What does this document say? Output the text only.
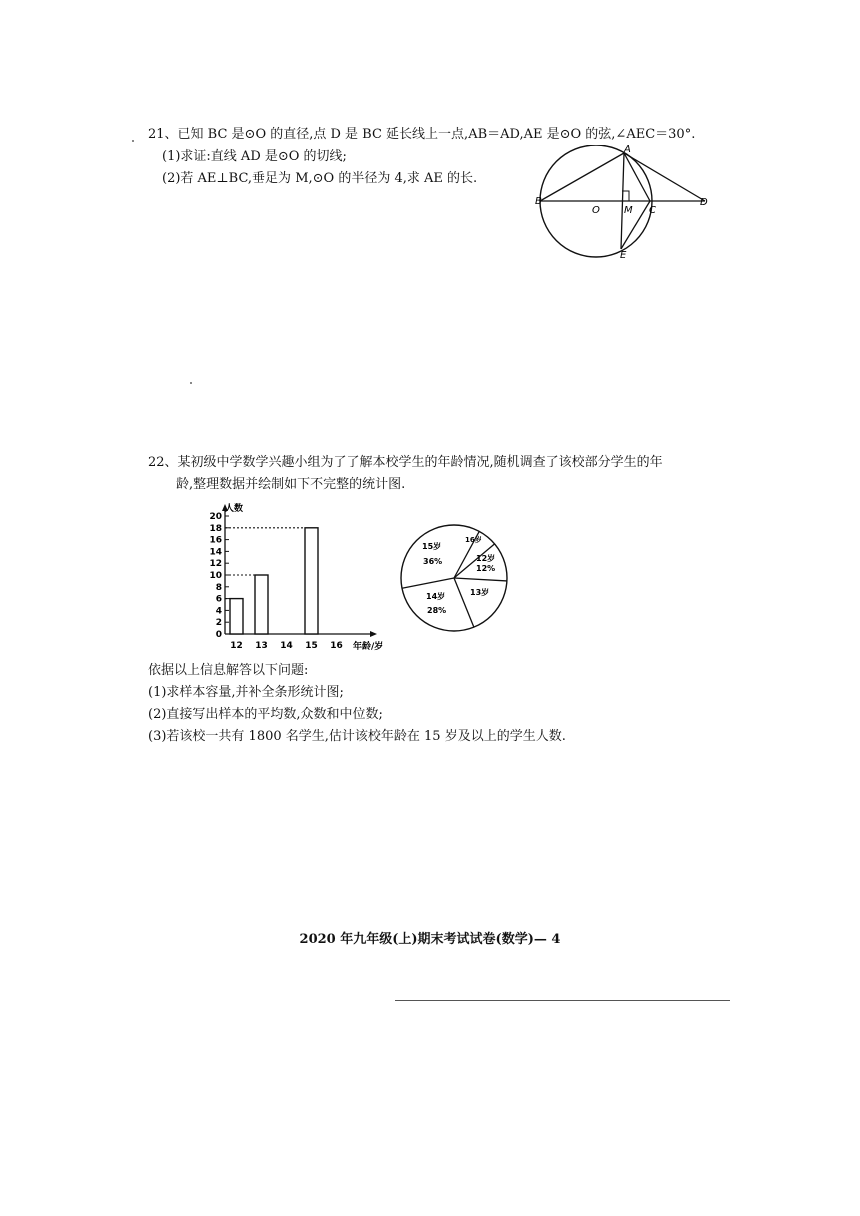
21、已知 BC 是⊙O 的直径,点 D 是 BC 延长线上一点,AB＝AD,AE 是⊙O 的弦,∠AEC＝30°.

(1)求证:直线 AD 是⊙O 的切线;

(2)若 AE⊥BC,垂足为 M,⊙O 的半径为 4,求 AE 的长.

A
B
O M C
D
E

22、某初级中学数学兴趣小组为了了解本校学生的年龄情况,随机调查了该校部分学生的年

龄,整理数据并绘制如下不完整的统计图.

0
2
4
6
8
10
12
14
16
18
20
12 13 14 15 16
人数
年龄/岁
15岁
36%
16岁
12岁
12%
13岁
14岁
28%

依据以上信息解答以下问题:

(1)求样本容量,并补全条形统计图;

(2)直接写出样本的平均数,众数和中位数;

(3)若该校一共有 1800 名学生,估计该校年龄在 15 岁及以上的学生人数.

2020 年九年级(上)期末考试试卷(数学)— 4
